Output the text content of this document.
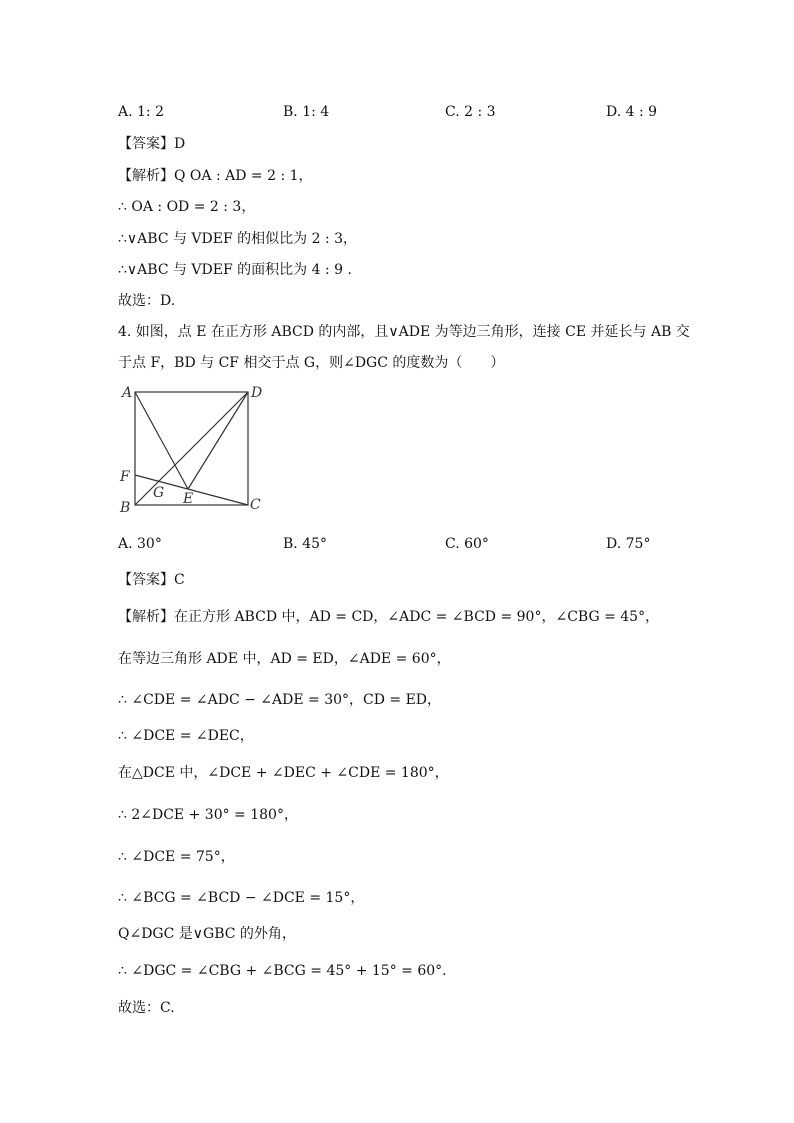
A. 1: 2	B. 1: 4	C. 2 : 3	D. 4 : 9
【答案】D
【解析】Q OA : AD = 2 : 1，
∴ OA : OD = 2 : 3，
∴∨ABC 与 VDEF 的相似比为 2 : 3，
∴∨ABC 与 VDEF 的面积比为 4 : 9 .
故选：D.
4. 如图，点 E 在正方形 ABCD 的内部，且∨ADE 为等边三角形，连接 CE 并延长与 AB 交
于点 F，BD 与 CF 相交于点 G，则∠DGC 的度数为（　　）
A	D
F
G E
B	C
A. 30°	B. 45°	C. 60°	D. 75°
【答案】C
【解析】在正方形 ABCD 中，AD = CD，∠ADC = ∠BCD = 90°，∠CBG = 45°，
在等边三角形 ADE 中，AD = ED，∠ADE = 60°，
∴ ∠CDE = ∠ADC − ∠ADE = 30°，CD = ED，
∴ ∠DCE = ∠DEC，
在△DCE 中，∠DCE + ∠DEC + ∠CDE = 180°，
∴ 2∠DCE + 30° = 180°，
∴ ∠DCE = 75°，
∴ ∠BCG = ∠BCD − ∠DCE = 15°，
Q∠DGC 是∨GBC 的外角，
∴ ∠DGC = ∠CBG + ∠BCG = 45° + 15° = 60°.
故选：C.
